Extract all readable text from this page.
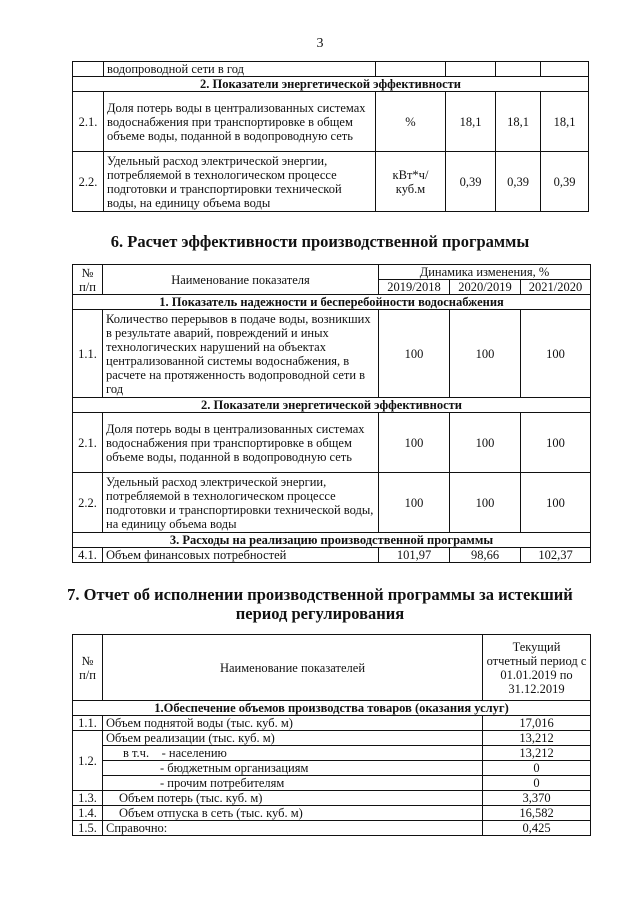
3
	водопроводной сети в год				
2. Показатели энергетической эффективности					
2.1.	Доля потерь воды в централизованных системах водоснабжения при транспортировке в общем объеме воды, поданной в водопроводную сеть	%	18,1	18,1	18,1
2.2.	Удельный расход электрической энергии, потребляемой в технологическом процессе подготовки и транспортировки технической воды, на единицу объема воды	кВт*ч/ куб.м	0,39	0,39	0,39
6. Расчет эффективности производственной программы
№ п/п	Наименование показателя	Динамика изменения, %		
		2019/2018	2020/2019	2021/2020
1. Показатель надежности и бесперебойности водоснабжения				
1.1.	Количество перерывов в подаче воды, возникших в результате аварий, повреждений и иных технологических нарушений на объектах централизованной системы водоснабжения, в расчете на протяженность водопроводной сети в год	100	100	100
2. Показатели энергетической эффективности				
2.1.	Доля потерь воды в централизованных системах водоснабжения при транспортировке в общем объеме воды, поданной в водопроводную сеть	100	100	100
2.2.	Удельный расход электрической энергии, потребляемой в технологическом процессе подготовки и транспортировки технической воды, на единицу объема воды	100	100	100
3. Расходы на реализацию производственной программы				
4.1.	Объем финансовых потребностей	101,97	98,66	102,37
7. Отчет об исполнении производственной программы за истекший период регулирования
№ п/п	Наименование показателей	Текущий отчетный период с 01.01.2019 по 31.12.2019
1.Обеспечение объемов производства товаров (оказания услуг)		
1.1.	Объем поднятой воды (тыс. куб. м)	17,016
1.2.	Объем реализации (тыс. куб. м)	13,212
	в т.ч.    - населению	13,212
	- бюджетным организациям	0
	- прочим потребителям	0
1.3.	Объем потерь (тыс. куб. м)	3,370
1.4.	Объем отпуска в сеть (тыс. куб. м)	16,582
1.5.	Справочно:	0,425
